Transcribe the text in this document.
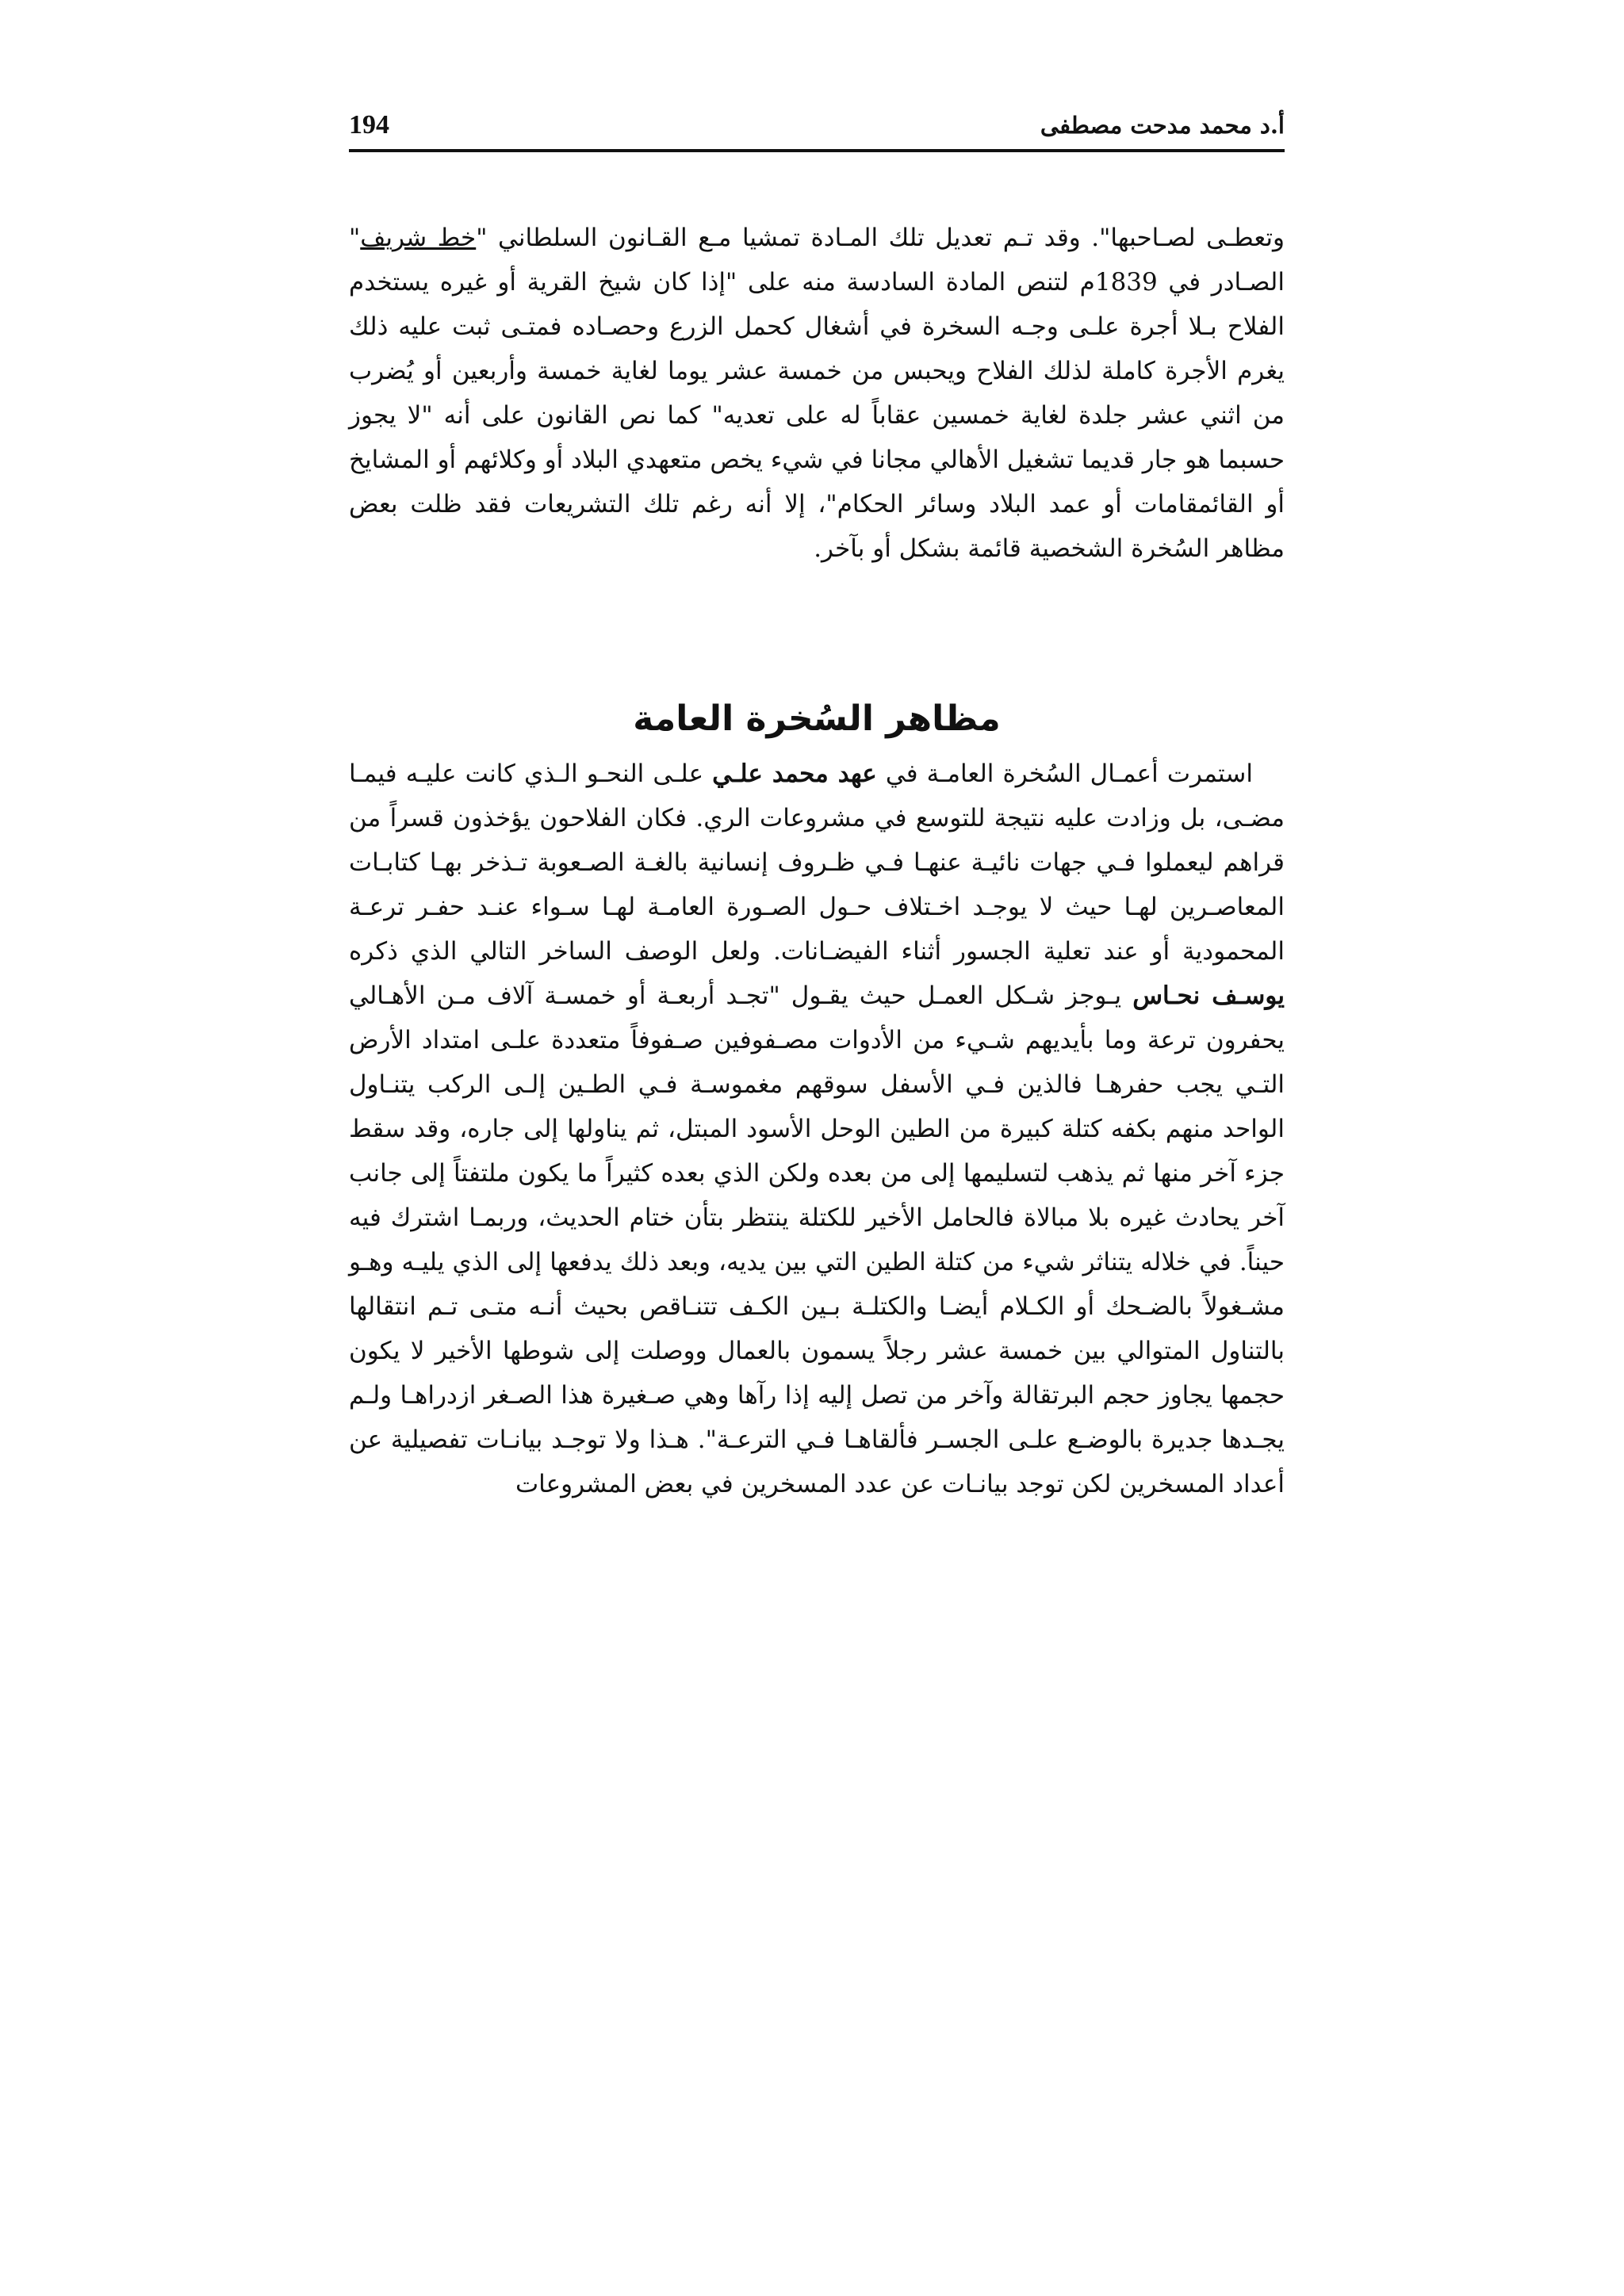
أ.د محمد مدحت مصطفى
194

وتعطـى لصـاحبها". وقد تـم تعديل تلك المـادة تمشيا مـع القـانون السلطاني "خط شريف" الصـادر في 1839م لتنص المادة السادسة منه على "إذا كان شيخ القرية أو غيره يستخدم الفلاح بـلا أجرة علـى وجـه السخرة في أشغال كحمل الزرع وحصـاده فمتـى ثبت عليه ذلك يغرم الأجرة كاملة لذلك الفلاح ويحبس من خمسة عشر يوما لغاية خمسة وأربعين أو يُضرب من اثني عشر جلدة لغاية خمسين عقاباً له على تعديه" كما نص القانون على أنه "لا يجوز حسبما هو جار قديما تشغيل الأهالي مجانا في شيء يخص متعهدي البلاد أو وكلائهم أو المشايخ أو القائمقامات أو عمد البلاد وسائر الحكام"، إلا أنه رغم تلك التشريعات فقد ظلت بعض مظاهر السُخرة الشخصية قائمة بشكل أو بآخر.

مظاهر السُخرة العامة

استمرت أعمـال السُخرة العامـة في عهد محمد علـي علـى النحـو الـذي كانت عليـه فيمـا مضـى، بل وزادت عليه نتيجة للتوسع في مشروعات الري. فكان الفلاحون يؤخذون قسراً من قراهم ليعملوا فـي جهات نائيـة عنهـا فـي ظـروف إنسانية بالغـة الصـعوبة تـذخر بهـا كتابـات المعاصـرين لهـا حيث لا يوجـد اخـتلاف حـول الصـورة العامـة لهـا سـواء عنـد حفـر ترعـة المحمودية أو عند تعلية الجسور أثناء الفيضـانات. ولعل الوصف الساخر التالي الذي ذكره يوسـف نحـاس يـوجز شـكل العمـل حيث يقـول "تجـد أربعـة أو خمسـة آلاف مـن الأهـالي يحفرون ترعة وما بأيديهم شـيء من الأدوات مصـفوفين صـفوفاً متعددة علـى امتداد الأرض التـي يجب حفرهـا فالذين فـي الأسفل سوقهم مغموسـة فـي الطـين إلـى الركب يتنـاول الواحد منهم بكفه كتلة كبيرة من الطين الوحل الأسود المبتل، ثم يناولها إلى جاره، وقد سقط جزء آخر منها ثم يذهب لتسليمها إلى من بعده ولكن الذي بعده كثيراً ما يكون ملتفتاً إلى جانب آخر يحادث غيره بلا مبالاة فالحامل الأخير للكتلة ينتظر بتأن ختام الحديث، وربمـا اشترك فيه حيناً. في خلاله يتناثر شيء من كتلة الطين التي بين يديه، وبعد ذلك يدفعها إلى الذي يليـه وهـو مشـغولاً بالضـحك أو الكـلام أيضـا والكتلـة بـين الكـف تتنـاقص بحيث أنـه متـى تـم انتقالها بالتناول المتوالي بين خمسة عشر رجلاً يسمون بالعمال ووصلت إلى شوطها الأخير لا يكون حجمها يجاوز حجم البرتقالة وآخر من تصل إليه إذا رآها وهي صـغيرة هذا الصـغر ازدراهـا ولـم يجـدها جديرة بالوضـع علـى الجسـر فألقاهـا فـي الترعـة". هـذا ولا توجـد بيانـات تفصيلية عن أعداد المسخرين لكن توجد بيانـات عن عدد المسخرين في بعض المشروعات
